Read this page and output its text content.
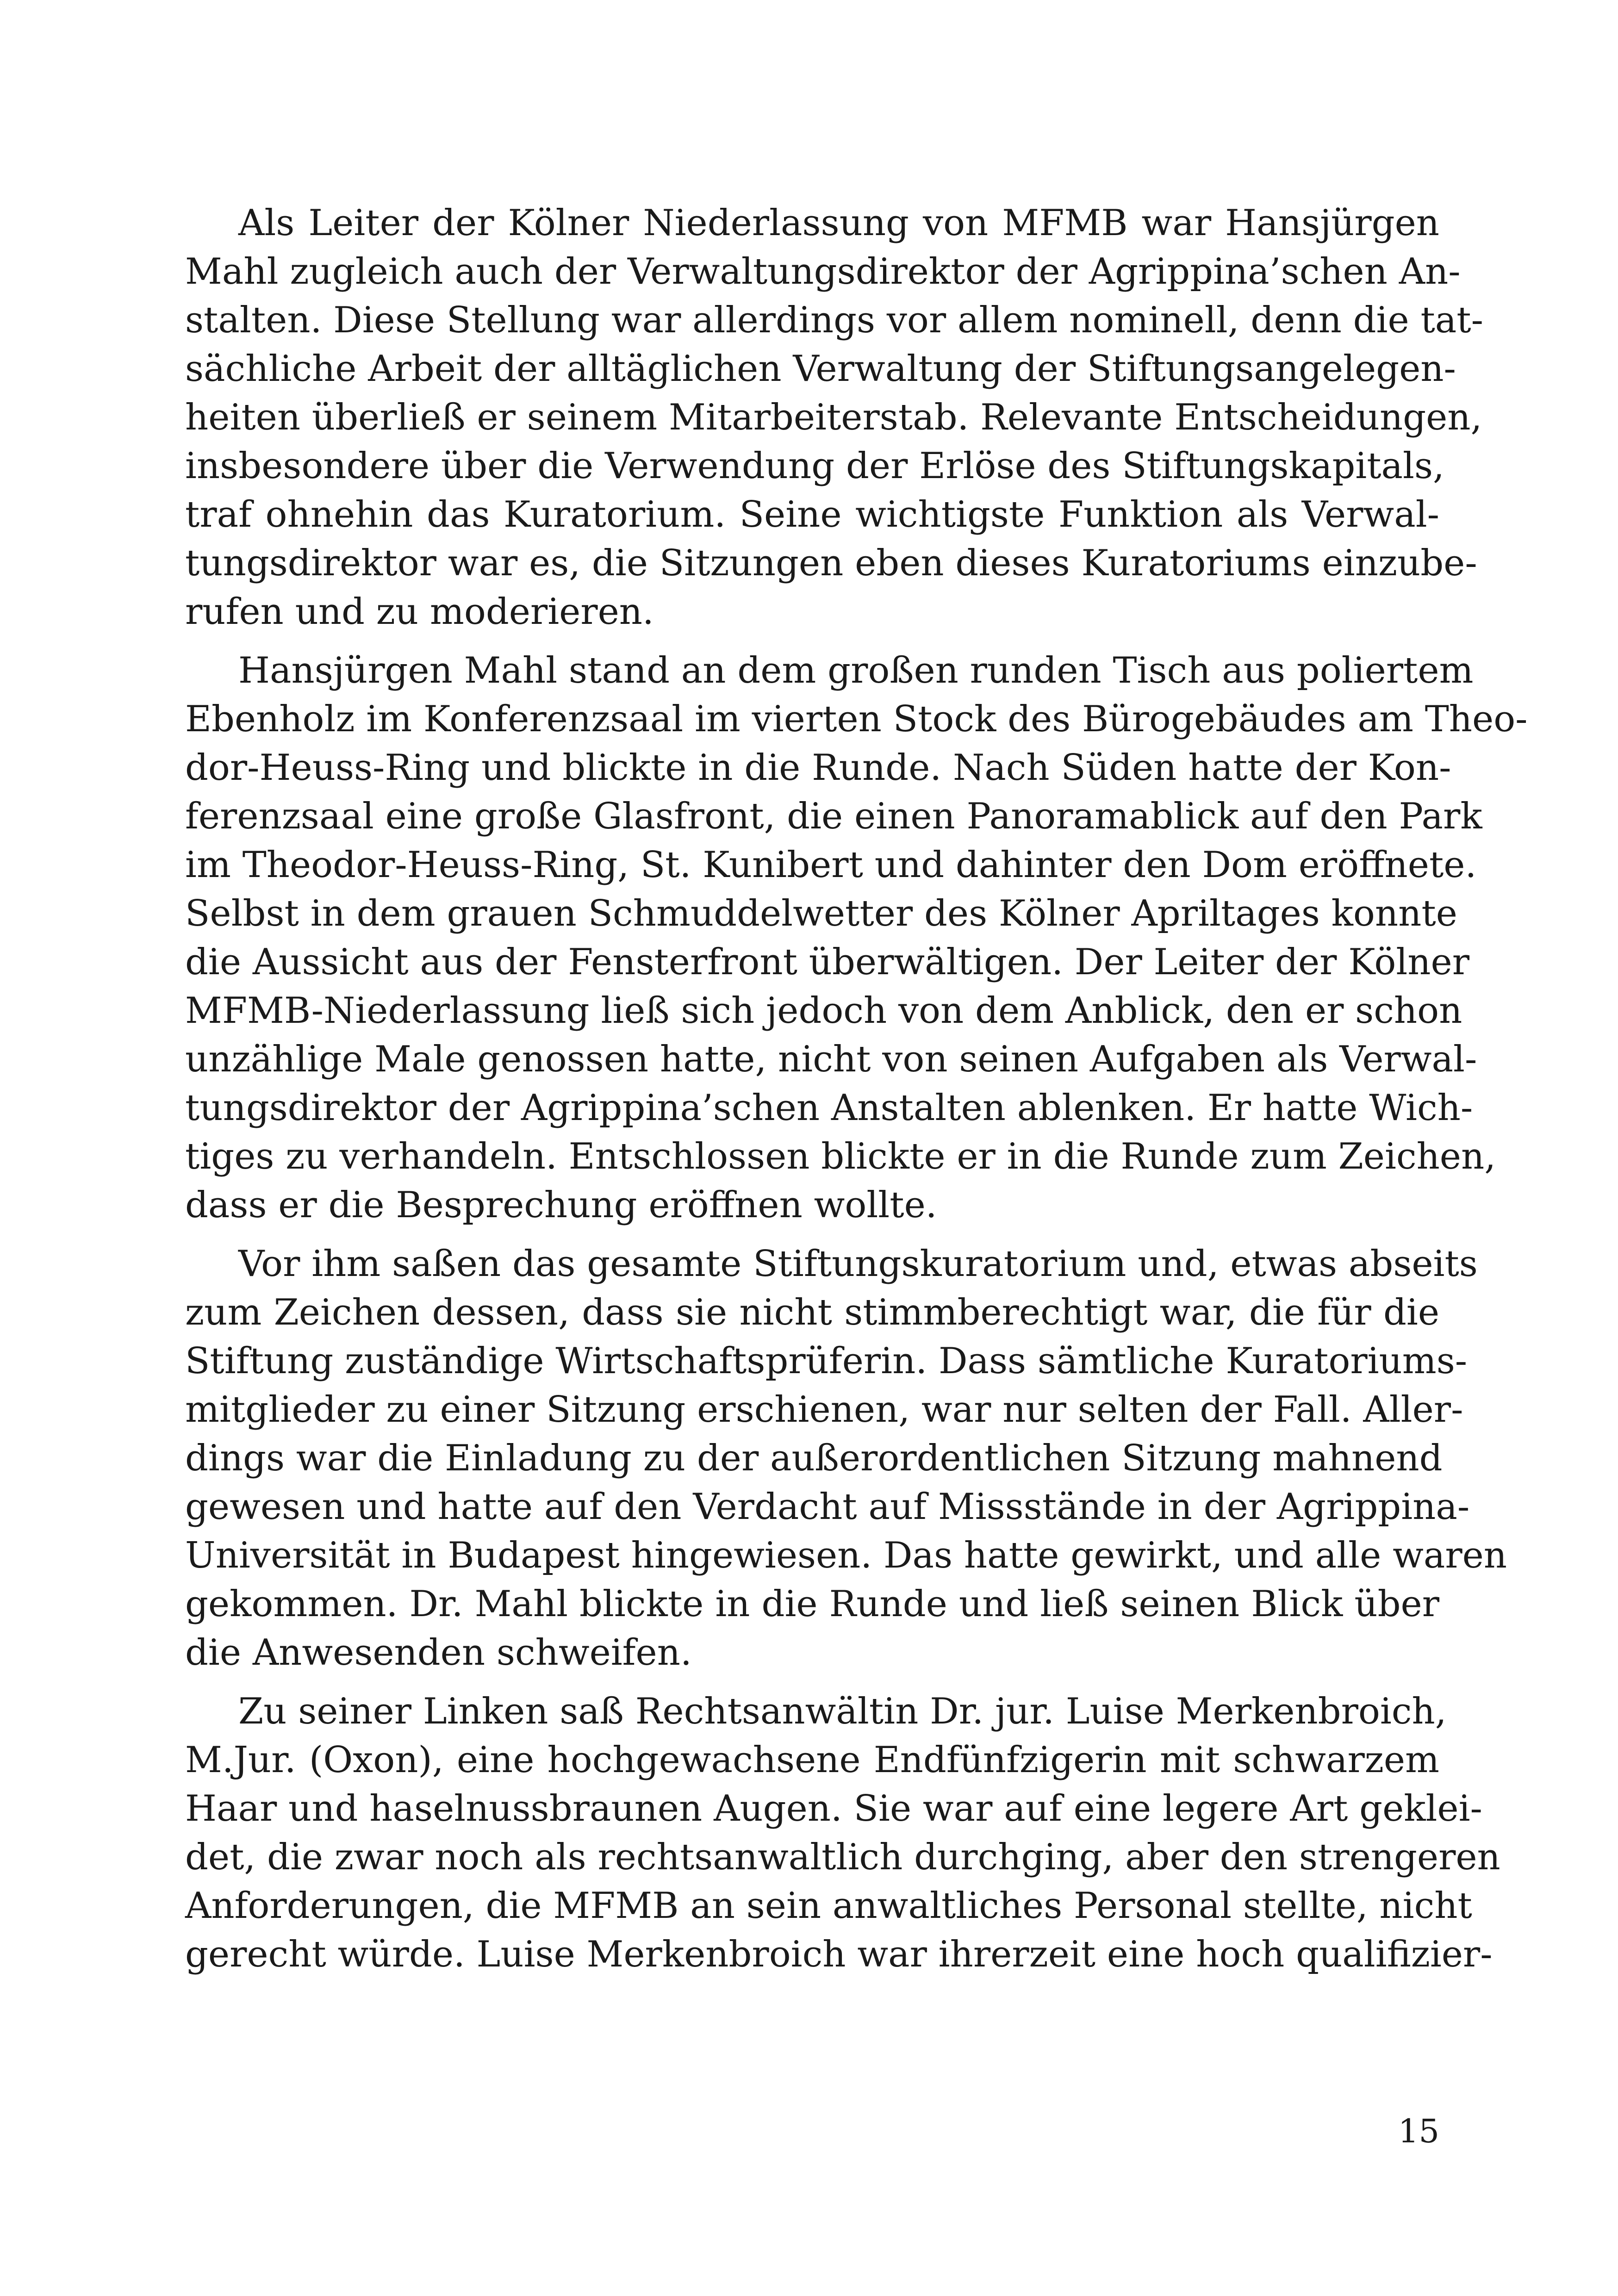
Als Leiter der Kölner Niederlassung von MFMB war Hansjürgen
Mahl zugleich auch der Verwaltungsdirektor der Agrippina’schen An-
stalten. Diese Stellung war allerdings vor allem nominell, denn die tat-
sächliche Arbeit der alltäglichen Verwaltung der Stiftungsangelegen-
heiten überließ er seinem Mitarbeiterstab. Relevante Entscheidungen,
insbesondere über die Verwendung der Erlöse des Stiftungskapitals,
traf ohnehin das Kuratorium. Seine wichtigste Funktion als Verwal-
tungsdirektor war es, die Sitzungen eben dieses Kuratoriums einzube-
rufen und zu moderieren.
Hansjürgen Mahl stand an dem großen runden Tisch aus poliertem
Ebenholz im Konferenzsaal im vierten Stock des Bürogebäudes am Theo-
dor-Heuss-Ring und blickte in die Runde. Nach Süden hatte der Kon-
ferenzsaal eine große Glasfront, die einen Panoramablick auf den Park
im Theodor-Heuss-Ring, St. Kunibert und dahinter den Dom eröffnete.
Selbst in dem grauen Schmuddelwetter des Kölner Apriltages konnte
die Aussicht aus der Fensterfront überwältigen. Der Leiter der Kölner
MFMB-Niederlassung ließ sich jedoch von dem Anblick, den er schon
unzählige Male genossen hatte, nicht von seinen Aufgaben als Verwal-
tungsdirektor der Agrippina’schen Anstalten ablenken. Er hatte Wich-
tiges zu verhandeln. Entschlossen blickte er in die Runde zum Zeichen,
dass er die Besprechung eröffnen wollte.
Vor ihm saßen das gesamte Stiftungskuratorium und, etwas abseits
zum Zeichen dessen, dass sie nicht stimmberechtigt war, die für die
Stiftung zuständige Wirtschaftsprüferin. Dass sämtliche Kuratoriums-
mitglieder zu einer Sitzung erschienen, war nur selten der Fall. Aller-
dings war die Einladung zu der außerordentlichen Sitzung mahnend
gewesen und hatte auf den Verdacht auf Missstände in der Agrippina-
Universität in Budapest hingewiesen. Das hatte gewirkt, und alle waren
gekommen. Dr. Mahl blickte in die Runde und ließ seinen Blick über
die Anwesenden schweifen.
Zu seiner Linken saß Rechtsanwältin Dr. jur. Luise Merkenbroich,
M.Jur. (Oxon), eine hochgewachsene Endfünfzigerin mit schwarzem
Haar und haselnussbraunen Augen. Sie war auf eine legere Art geklei-
det, die zwar noch als rechtsanwaltlich durchging, aber den strengeren
Anforderungen, die MFMB an sein anwaltliches Personal stellte, nicht
gerecht würde. Luise Merkenbroich war ihrerzeit eine hoch qualifizier-
15
